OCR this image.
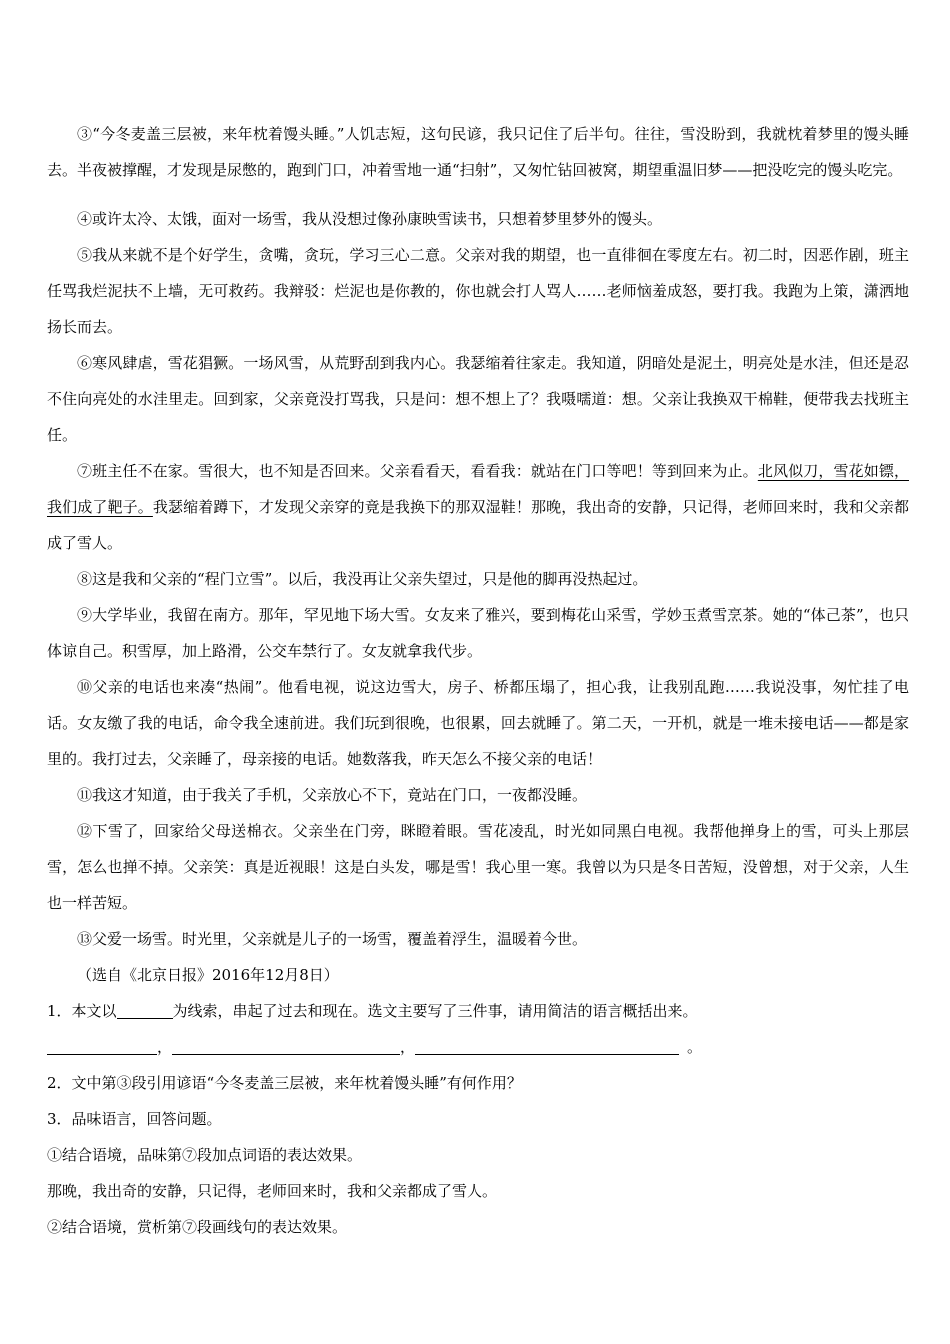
③“今冬麦盖三层被，来年枕着馒头睡。”人饥志短，这句民谚，我只记住了后半句。往往，雪没盼到，我就枕着梦里的馒头睡去。半夜被撑醒，才发现是尿憋的，跑到门口，冲着雪地一通“扫射”，又匆忙钻回被窝，期望重温旧梦——把没吃完的馒头吃完。

④或许太冷、太饿，面对一场雪，我从没想过像孙康映雪读书，只想着梦里梦外的馒头。

⑤我从来就不是个好学生，贪嘴，贪玩，学习三心二意。父亲对我的期望，也一直徘徊在零度左右。初二时，因恶作剧，班主任骂我烂泥扶不上墙，无可救药。我辩驳：烂泥也是你教的，你也就会打人骂人……老师恼羞成怒，要打我。我跑为上策，潇洒地扬长而去。

⑥寒风肆虐，雪花猖獗。一场风雪，从荒野刮到我内心。我瑟缩着往家走。我知道，阴暗处是泥土，明亮处是水洼，但还是忍不住向亮处的水洼里走。回到家，父亲竟没打骂我，只是问：想不想上了？我嗫嚅道：想。父亲让我换双干棉鞋，便带我去找班主任。

⑦班主任不在家。雪很大，也不知是否回来。父亲看看天，看看我：就站在门口等吧！等到回来为止。北风似刀，雪花如镖，我们成了靶子。我瑟缩着蹲下，才发现父亲穿的竟是我换下的那双湿鞋！那晚，我出奇的安静，只记得，老师回来时，我和父亲都成了雪人。

⑧这是我和父亲的“程门立雪”。以后，我没再让父亲失望过，只是他的脚再没热起过。

⑨大学毕业，我留在南方。那年，罕见地下场大雪。女友来了雅兴，要到梅花山采雪，学妙玉煮雪烹茶。她的“体己茶”，也只体谅自己。积雪厚，加上路滑，公交车禁行了。女友就拿我代步。

⑩父亲的电话也来凑“热闹”。他看电视，说这边雪大，房子、桥都压塌了，担心我，让我别乱跑……我说没事，匆忙挂了电话。女友缴了我的电话，命令我全速前进。我们玩到很晚，也很累，回去就睡了。第二天，一开机，就是一堆未接电话——都是家里的。我打过去，父亲睡了，母亲接的电话。她数落我，昨天怎么不接父亲的电话！

⑪我这才知道，由于我关了手机，父亲放心不下，竟站在门口，一夜都没睡。

⑫下雪了，回家给父母送棉衣。父亲坐在门旁，眯瞪着眼。雪花凌乱，时光如同黑白电视。我帮他掸身上的雪，可头上那层雪，怎么也掸不掉。父亲笑：真是近视眼！这是白头发，哪是雪！我心里一寒。我曾以为只是冬日苦短，没曾想，对于父亲，人生也一样苦短。

⑬父爱一场雪。时光里，父亲就是儿子的一场雪，覆盖着浮生，温暖着今世。

（选自《北京日报》2016年12月8日）

1．本文以	为线索，串起了过去和现在。选文主要写了三件事，请用简洁的语言概括出来。

，	，	。

2．文中第③段引用谚语“今冬麦盖三层被，来年枕着馒头睡”有何作用？

3．品味语言，回答问题。

①结合语境，品味第⑦段加点词语的表达效果。

那晚，我出奇的安静，只记得，老师回来时，我和父亲都成了雪人。

②结合语境，赏析第⑦段画线句的表达效果。
